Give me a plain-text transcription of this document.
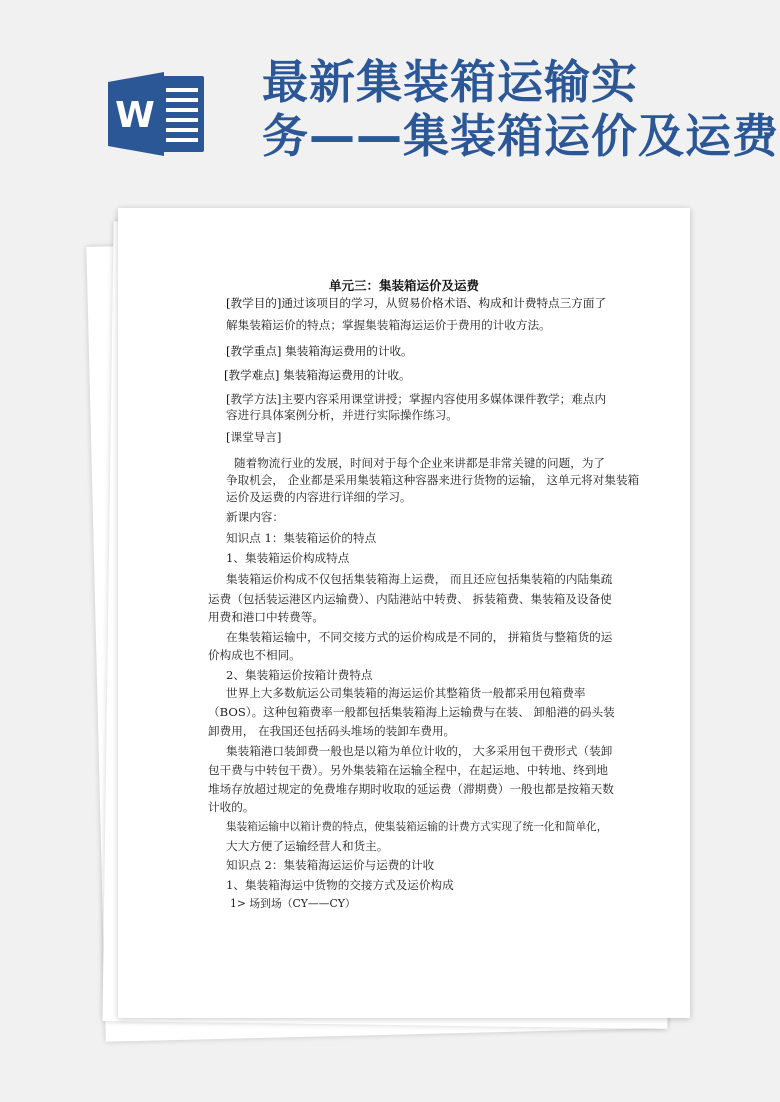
W
最新集装箱运输实
务——集装箱运价及运费
单元三：集装箱运价及运费
[教学目的]通过该项目的学习，从贸易价格术语、构成和计费特点三方面了
解集装箱运价的特点；掌握集装箱海运运价于费用的计收方法。
[教学重点] 集装箱海运费用的计收。
[教学难点] 集装箱海运费用的计收。
[教学方法]主要内容采用课堂讲授；掌握内容使用多媒体课件教学；难点内
容进行具体案例分析，并进行实际操作练习。
[课堂导言]
随着物流行业的发展，时间对于每个企业来讲都是非常关键的问题，为了
争取机会， 企业都是采用集装箱这种容器来进行货物的运输， 这单元将对集装箱
运价及运费的内容进行详细的学习。
新课内容：
知识点 1：集装箱运价的特点
1、集装箱运价构成特点
集装箱运价构成不仅包括集装箱海上运费， 而且还应包括集装箱的内陆集疏
运费（包括装运港区内运输费）、内陆港站中转费、 拆装箱费、集装箱及设备使
用费和港口中转费等。
在集装箱运输中，不同交接方式的运价构成是不同的， 拼箱货与整箱货的运
价构成也不相同。
2、集装箱运价按箱计费特点
世界上大多数航运公司集装箱的海运运价其整箱货一般都采用包箱费率
（BOS）。这种包箱费率一般都包括集装箱海上运输费与在装、 卸船港的码头装
卸费用， 在我国还包括码头堆场的装卸车费用。
集装箱港口装卸费一般也是以箱为单位计收的， 大多采用包干费形式（装卸
包干费与中转包干费）。另外集装箱在运输全程中，在起运地、中转地、终到地
堆场存放超过规定的免费堆存期时收取的延运费（滞期费）一般也都是按箱天数
计收的。
集装箱运输中以箱计费的特点，使集装箱运输的计费方式实现了统一化和简单化，
大大方便了运输经营人和货主。
知识点 2：集装箱海运运价与运费的计收
1、集装箱海运中货物的交接方式及运价构成
1> 场到场（CY——CY）
